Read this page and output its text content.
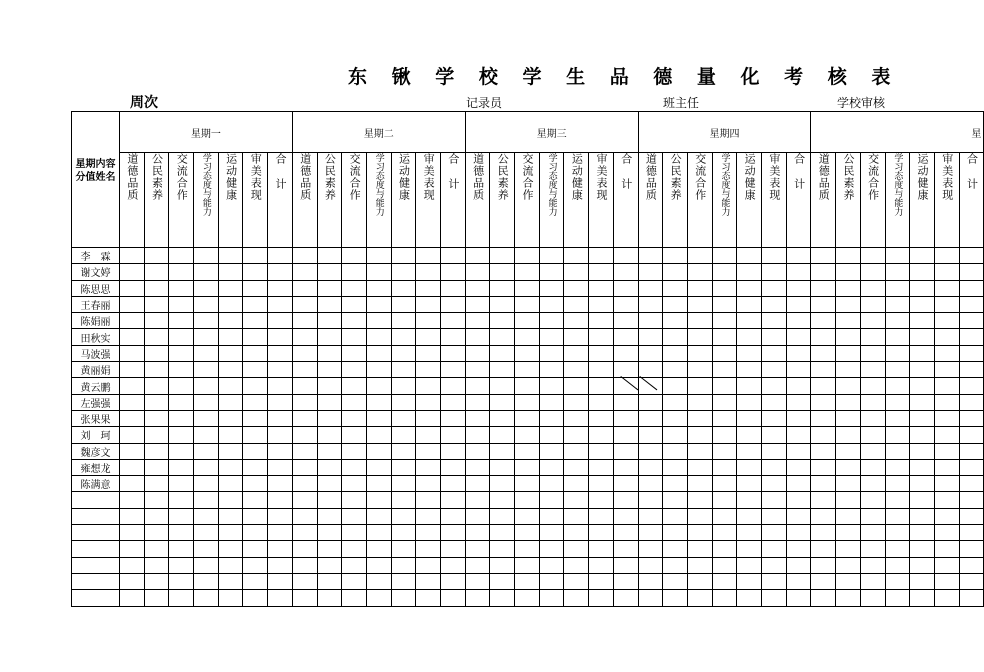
东 锹 学 校 学 生 品 德 量 化 考 核 表
周次	记录员	班主任	学校审核
星期内容分值姓名	星期一							星期二							星期三							星期四							星						
	道德品质	公民素养	交流合作	学习态度与能力	运动健康	审美表现	合计	道德品质	公民素养	交流合作	学习态度与能力	运动健康	审美表现	合计	道德品质	公民素养	交流合作	学习态度与能力	运动健康	审美表现	合计	道德品质	公民素养	交流合作	学习态度与能力	运动健康	审美表现	合计	道德品质	公民素养	交流合作	学习态度与能力	运动健康	审美表现	合计
李　霖																																			
谢文婷																																			
陈思思																																			
王春丽																																			
陈娟丽																																			
田秋实																																			
马波强																																			
黄丽娟																																			
黄云鹏																																			
左强强																																			
张果果																																			
刘　珂																																			
魏彦文																																			
雍想龙																																			
陈满意																																			
